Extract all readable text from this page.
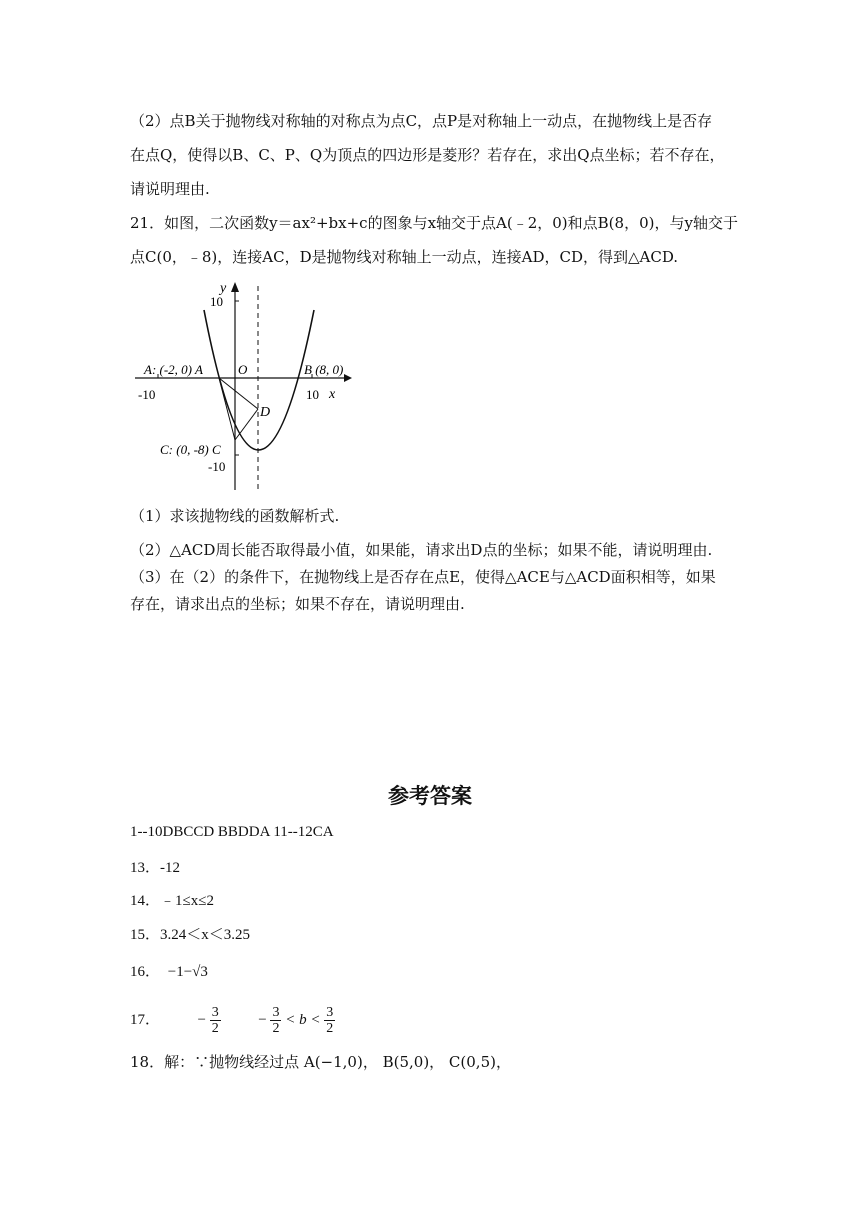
（2）点B关于抛物线对称轴的对称点为点C，点P是对称轴上一动点，在抛物线上是否存
在点Q，使得以B、C、P、Q为顶点的四边形是菱形？若存在，求出Q点坐标；若不存在，
请说明理由.
21．如图，二次函数y＝ax²+bx+c的图象与x轴交于点A(﹣2，0)和点B(8，0)，与y轴交于
点C(0，﹣8)，连接AC，D是抛物线对称轴上一动点，连接AD，CD，得到△ACD.
y
x
10
-10
-10	10
A: (-2, 0) A	O	B (8, 0)
D
C: (0, -8) C
（1）求该抛物线的函数解析式.
（2）△ACD周长能否取得最小值，如果能，请求出D点的坐标；如果不能，请说明理由.
（3）在（2）的条件下，在抛物线上是否存在点E，使得△ACE与△ACD面积相等，如果
存在，请求出点的坐标；如果不存在，请说明理由.
参考答案
1--10DBCCD BBDDA 11--12CA
13．-12
14．﹣1≤x≤2
15．3.24＜x＜3.25
16． −1−√3
17．	− $\frac{3}{2}$	− $\frac{3}{2} < b < \frac{3}{2}$
18．解：∵抛物线经过点 A(−1,0)， B(5,0)， C(0,5)，
